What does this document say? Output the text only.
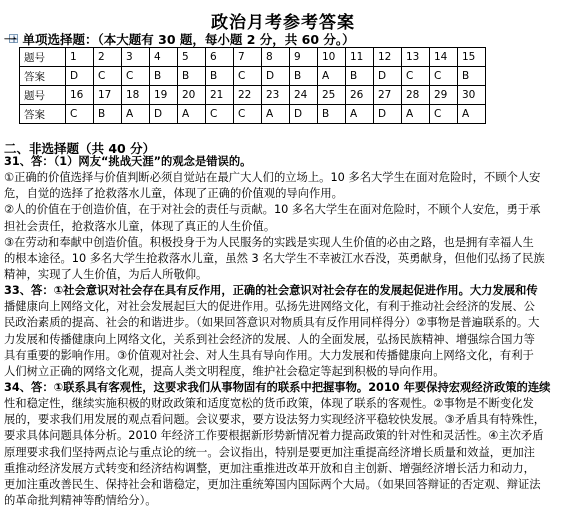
政治月考参考答案
一 单项选择题：（本大题有 30 题，每小题 2 分，共 60 分。）
题号	1	2	3	4	5	6	7	8	9	10	11	12	13	14	15
答案	D	C	C	B	B	B	C	D	B	A	B	D	C	C	B
题号	16	17	18	19	20	21	22	23	24	25	26	27	28	29	30
答案	C	B	A	D	A	C	C	A	D	B	A	D	A	C	A
二、非选择题（共 40 分）
31、答：（1）网友“挑战天涯”的观念是错误的。
①正确的价值选择与价值判断必须自觉站在最广大人们的立场上。10 多名大学生在面对危险时，不顾个人安
危，自觉的选择了抢救落水儿童，体现了正确的价值观的导向作用。
②人的价值在于创造价值，在于对社会的责任与贡献。10 多名大学生在面对危险时，不顾个人安危，勇于承
担社会责任，抢救落水儿童，体现了真正的人生价值。
③在劳动和奉献中创造价值。积极投身于为人民服务的实践是实现人生价值的必由之路，也是拥有幸福人生
的根本途径。10 多名大学生抢救落水儿童，虽然 3 名大学生不幸被江水吞没，英勇献身，但他们弘扬了民族
精神，实现了人生价值，为后人所敬仰。
33、答：①社会意识对社会存在具有反作用，正确的社会意识对社会存在的发展起促进作用。大力发展和传
播健康向上网络文化，对社会发展起巨大的促进作用。弘扬先进网络文化，有利于推动社会经济的发展、公
民政治素质的提高、社会的和谐进步。（如果回答意识对物质具有反作用同样得分）②事物是普遍联系的。大
力发展和传播健康向上网络文化，关系到社会经济的发展、人的全面发展，弘扬民族精神、增强综合国力等
具有重要的影响作用。③价值观对社会、对人生具有导向作用。大力发展和传播健康向上网络文化，有利于
人们树立正确的网络文化观，提高人类文明程度，维护社会稳定等起到积极的导向作用。
34、答：①联系具有客观性，这要求我们从事物固有的联系中把握事物。2010 年要保持宏观经济政策的连续
性和稳定性，继续实施积极的财政政策和适度宽松的货币政策，体现了联系的客观性。②事物是不断变化发
展的，要求我们用发展的观点看问题。会议要求，要方设法努力实现经济平稳较快发展。③矛盾具有特殊性，
要求具体问题具体分析。2010 年经济工作要根据新形势新情况着力提高政策的针对性和灵活性。④主次矛盾
原理要求我们坚持两点论与重点论的统一。会议指出，特别是要更加注重提高经济增长质量和效益，更加注
重推动经济发展方式转变和经济结构调整，更加注重推进改革开放和自主创新、增强经济增长活力和动力，
更加注重改善民生、保持社会和谐稳定，更加注重统筹国内国际两个大局。（如果回答辩证的否定观、辩证法
的革命批判精神等酌情给分）。
